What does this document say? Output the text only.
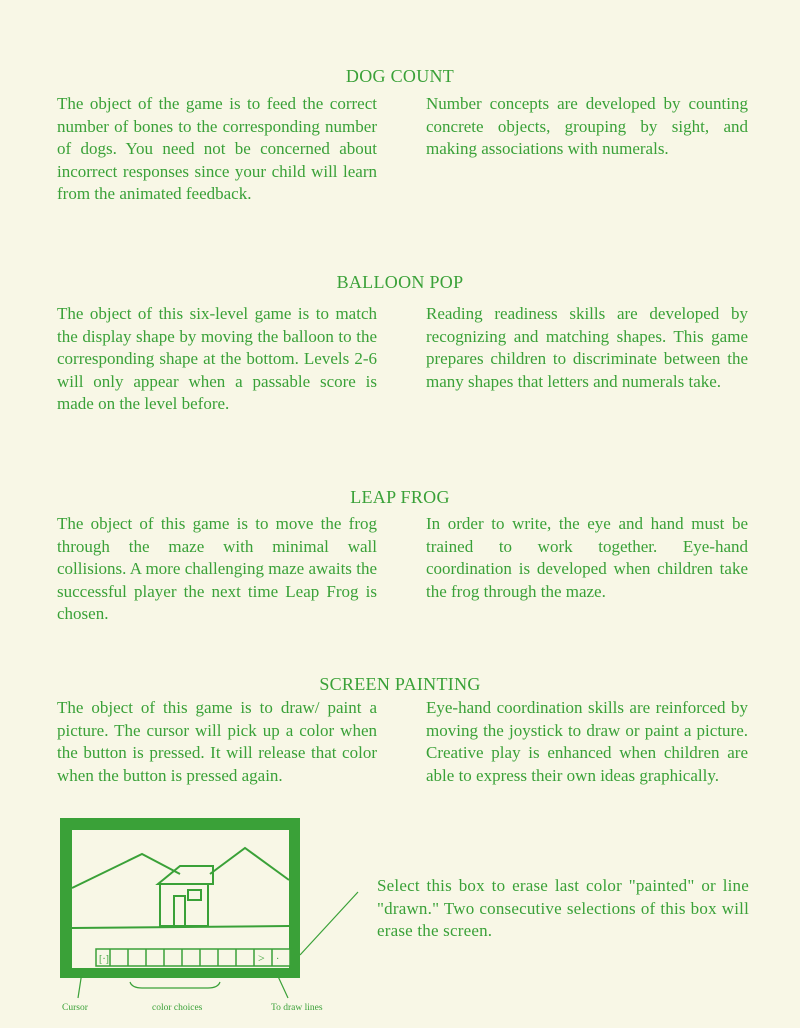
DOG COUNT
The object of the game is to feed the correct number of bones to the corresponding number of dogs. You need not be concerned about incorrect responses since your child will learn from the animated feedback.
Number concepts are developed by counting concrete objects, grouping by sight, and making associations with numerals.
BALLOON POP
The object of this six-level game is to match the display shape by moving the balloon to the corresponding shape at the bottom. Levels 2-6 will only appear when a passable score is made on the level before.
Reading readiness skills are developed by recognizing and matching shapes. This game prepares children to discriminate between the many shapes that letters and numerals take.
LEAP FROG
The object of this game is to move the frog through the maze with minimal wall collisions. A more challenging maze awaits the successful player the next time Leap Frog is chosen.
In order to write, the eye and hand must be trained to work together. Eye-hand coordination is developed when children take the frog through the maze.
SCREEN PAINTING
The object of this game is to draw/ paint a picture. The cursor will pick up a color when the button is pressed. It will release that color when the button is pressed again.
Eye-hand coordination skills are reinforced by moving the joystick to draw or paint a picture. Creative play is enhanced when children are able to express their own ideas graphically.
[·]	> ·
Cursor	color choices	To draw lines
Select this box to erase last color "painted" or line "drawn." Two consecutive selections of this box will erase the screen.
